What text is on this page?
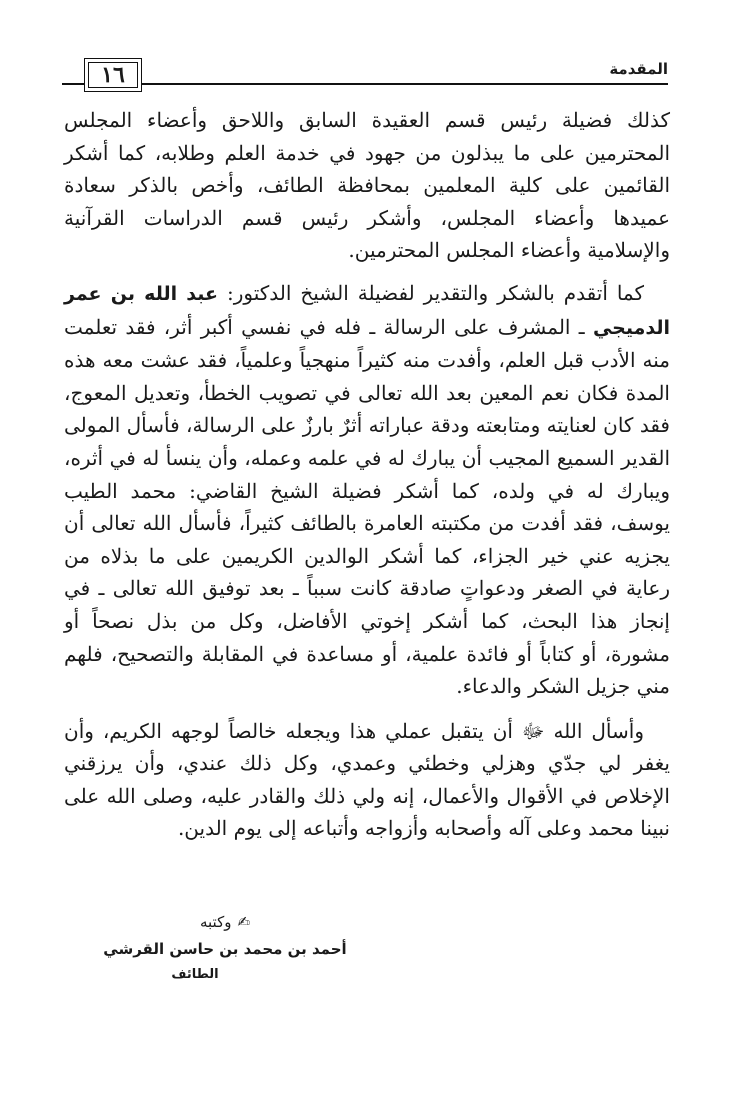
١٦	المقدمة

كذلك فضيلة رئيس قسم العقيدة السابق واللاحق وأعضاء المجلس المحترمين على ما يبذلون من جهود في خدمة العلم وطلابه، كما أشكر القائمين على كلية المعلمين بمحافظة الطائف، وأخص بالذكر سعادة عميدها وأعضاء المجلس، وأشكر رئيس قسم الدراسات القرآنية والإسلامية وأعضاء المجلس المحترمين.

كما أتقدم بالشكر والتقدير لفضيلة الشيخ الدكتور: عبد الله بن عمر الدميجي ـ المشرف على الرسالة ـ فله في نفسي أكبر أثر، فقد تعلمت منه الأدب قبل العلم، وأفدت منه كثيراً منهجياً وعلمياً، فقد عشت معه هذه المدة فكان نعم المعين بعد الله تعالى في تصويب الخطأ، وتعديل المعوج، فقد كان لعنايته ومتابعته ودقة عباراته أثرٌ بارزٌ على الرسالة، فأسأل المولى القدير السميع المجيب أن يبارك له في علمه وعمله، وأن ينسأ له في أثره، ويبارك له في ولده، كما أشكر فضيلة الشيخ القاضي: محمد الطيب يوسف، فقد أفدت من مكتبته العامرة بالطائف كثيراً، فأسأل الله تعالى أن يجزيه عني خير الجزاء، كما أشكر الوالدين الكريمين على ما بذلاه من رعاية في الصغر ودعواتٍ صادقة كانت سبباً ـ بعد توفيق الله تعالى ـ في إنجاز هذا البحث، كما أشكر إخوتي الأفاضل، وكل من بذل نصحاً أو مشورة، أو كتاباً أو فائدة علمية، أو مساعدة في المقابلة والتصحيح، فلهم مني جزيل الشكر والدعاء.

وأسأل الله ﷻ أن يتقبل عملي هذا ويجعله خالصاً لوجهه الكريم، وأن يغفر لي جدّي وهزلي وخطئي وعمدي، وكل ذلك عندي، وأن يرزقني الإخلاص في الأقوال والأعمال، إنه ولي ذلك والقادر عليه، وصلى الله على نبينا محمد وعلى آله وأصحابه وأزواجه وأتباعه إلى يوم الدين.

✍وكتبه
أحمد بن محمد بن حاسن القرشي
الطائف
